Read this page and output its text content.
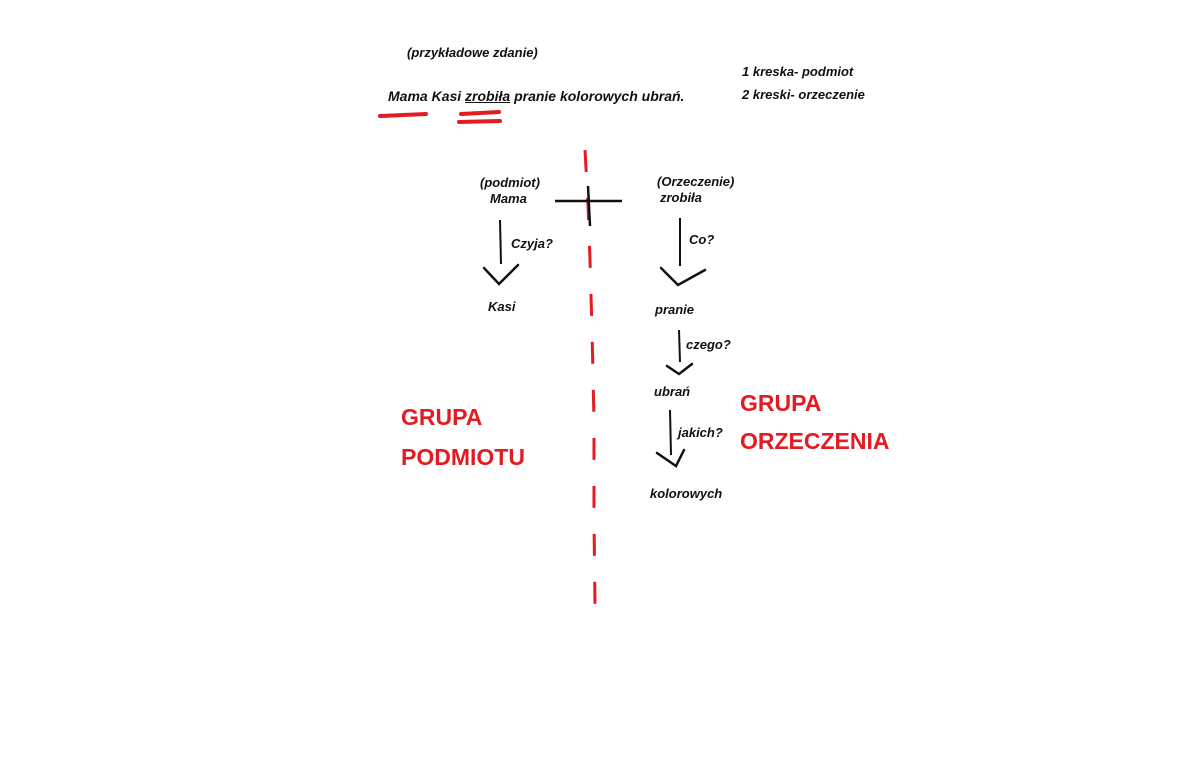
(przykładowe zdanie)
Mama Kasi zrobiła pranie kolorowych ubrań.
1 kreska- podmiot
2 kreski- orzeczenie
(podmiot)
Mama
Czyja?
Kasi
(Orzeczenie)
zrobiła
Co?
pranie
czego?
ubrań
jakich?
kolorowych
GRUPA
PODMIOTU
GRUPA
ORZECZENIA
